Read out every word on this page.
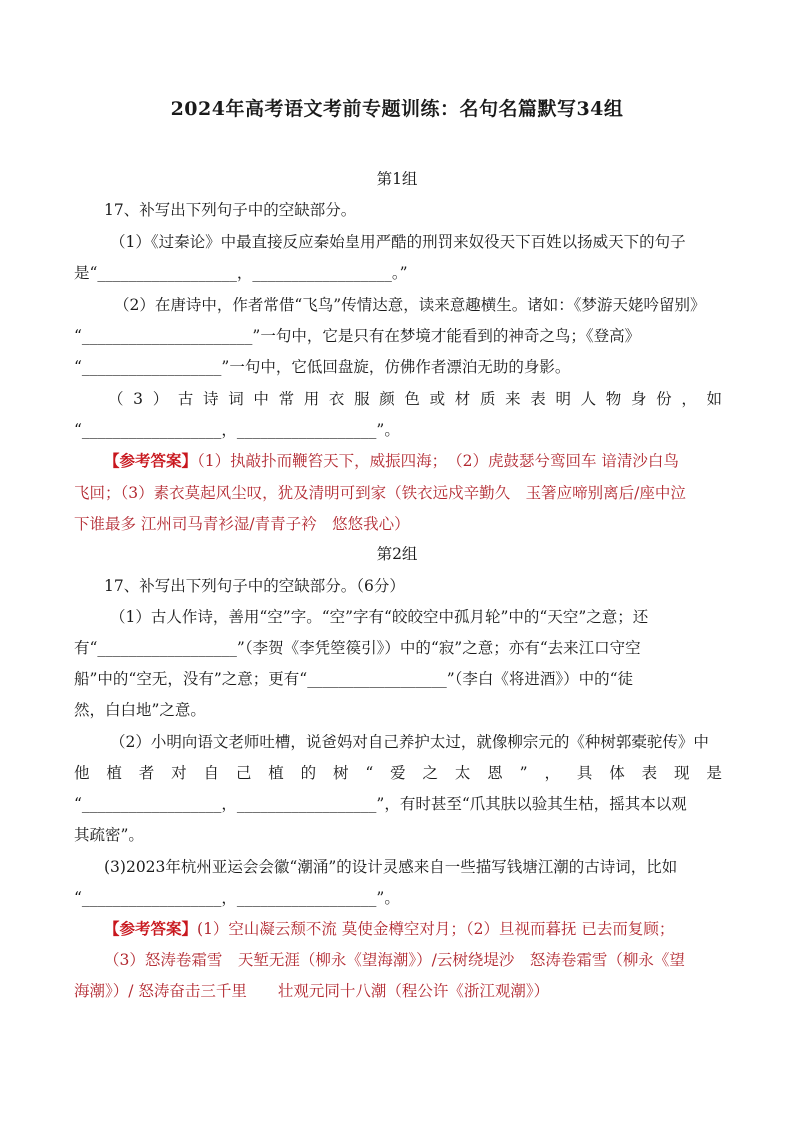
2024年高考语文考前专题训练：名句名篇默写34组
第1组
17、补写出下列句子中的空缺部分。
（1）《过秦论》中最直接反应秦始皇用严酷的刑罚来奴役天下百姓以扬威天下的句子
是“__________________，__________________。”
（2）在唐诗中，作者常借“飞鸟”传情达意，读来意趣横生。诸如：《梦游天姥吟留别》
“______________________”一句中，它是只有在梦境才能看到的神奇之鸟；《登高》
“__________________”一句中，它低回盘旋，仿佛作者漂泊无助的身影。
（ 3 ） 古 诗 词 中 常 用 衣 服 颜 色 或 材 质 来 表 明 人 物 身 份 ， 如
“__________________，__________________”。
【参考答案】（1）执敲扑而鞭笞天下，威振四海；　（2）虎鼓瑟兮鸾回车 谙清沙白鸟
飞回；（3）素衣莫起风尘叹，犹及清明可到家（铁衣远戍辛勤久　玉箸应啼别离后/座中泣
下谁最多 江州司马青衫湿/青青子衿　悠悠我心）
第2组
17、补写出下列句子中的空缺部分。（6分）
（1）古人作诗，善用“空”字。“空”字有“皎皎空中孤月轮”中的“天空”之意；还
有“__________________”（李贺《李凭箜篌引》）中的“寂”之意；亦有“去来江口守空
船”中的“空无，没有”之意；更有“__________________”（李白《将进酒》）中的“徒
然，白白地”之意。
（2）小明向语文老师吐槽，说爸妈对自己养护太过，就像柳宗元的《种树郭橐驼传》中
他 植 者 对 自 己 植 的 树 “ 爱 之 太 恩 ” ， 具 体 表 现 是
“__________________，__________________”，有时甚至“爪其肤以验其生枯，摇其本以观
其疏密”。
(3)2023年杭州亚运会会徽“潮涌”的设计灵感来自一些描写钱塘江潮的古诗词，比如
“__________________，__________________”。
【参考答案】(1）空山凝云颓不流 莫使金樽空对月；（2）旦视而暮抚 已去而复顾；
（3）怒涛卷霜雪　天堑无涯（柳永《望海潮》）/云树绕堤沙　怒涛卷霜雪（柳永《望
海潮》）/ 怒涛奋击三千里　　壮观元同十八潮（程公许《浙江观潮》）
